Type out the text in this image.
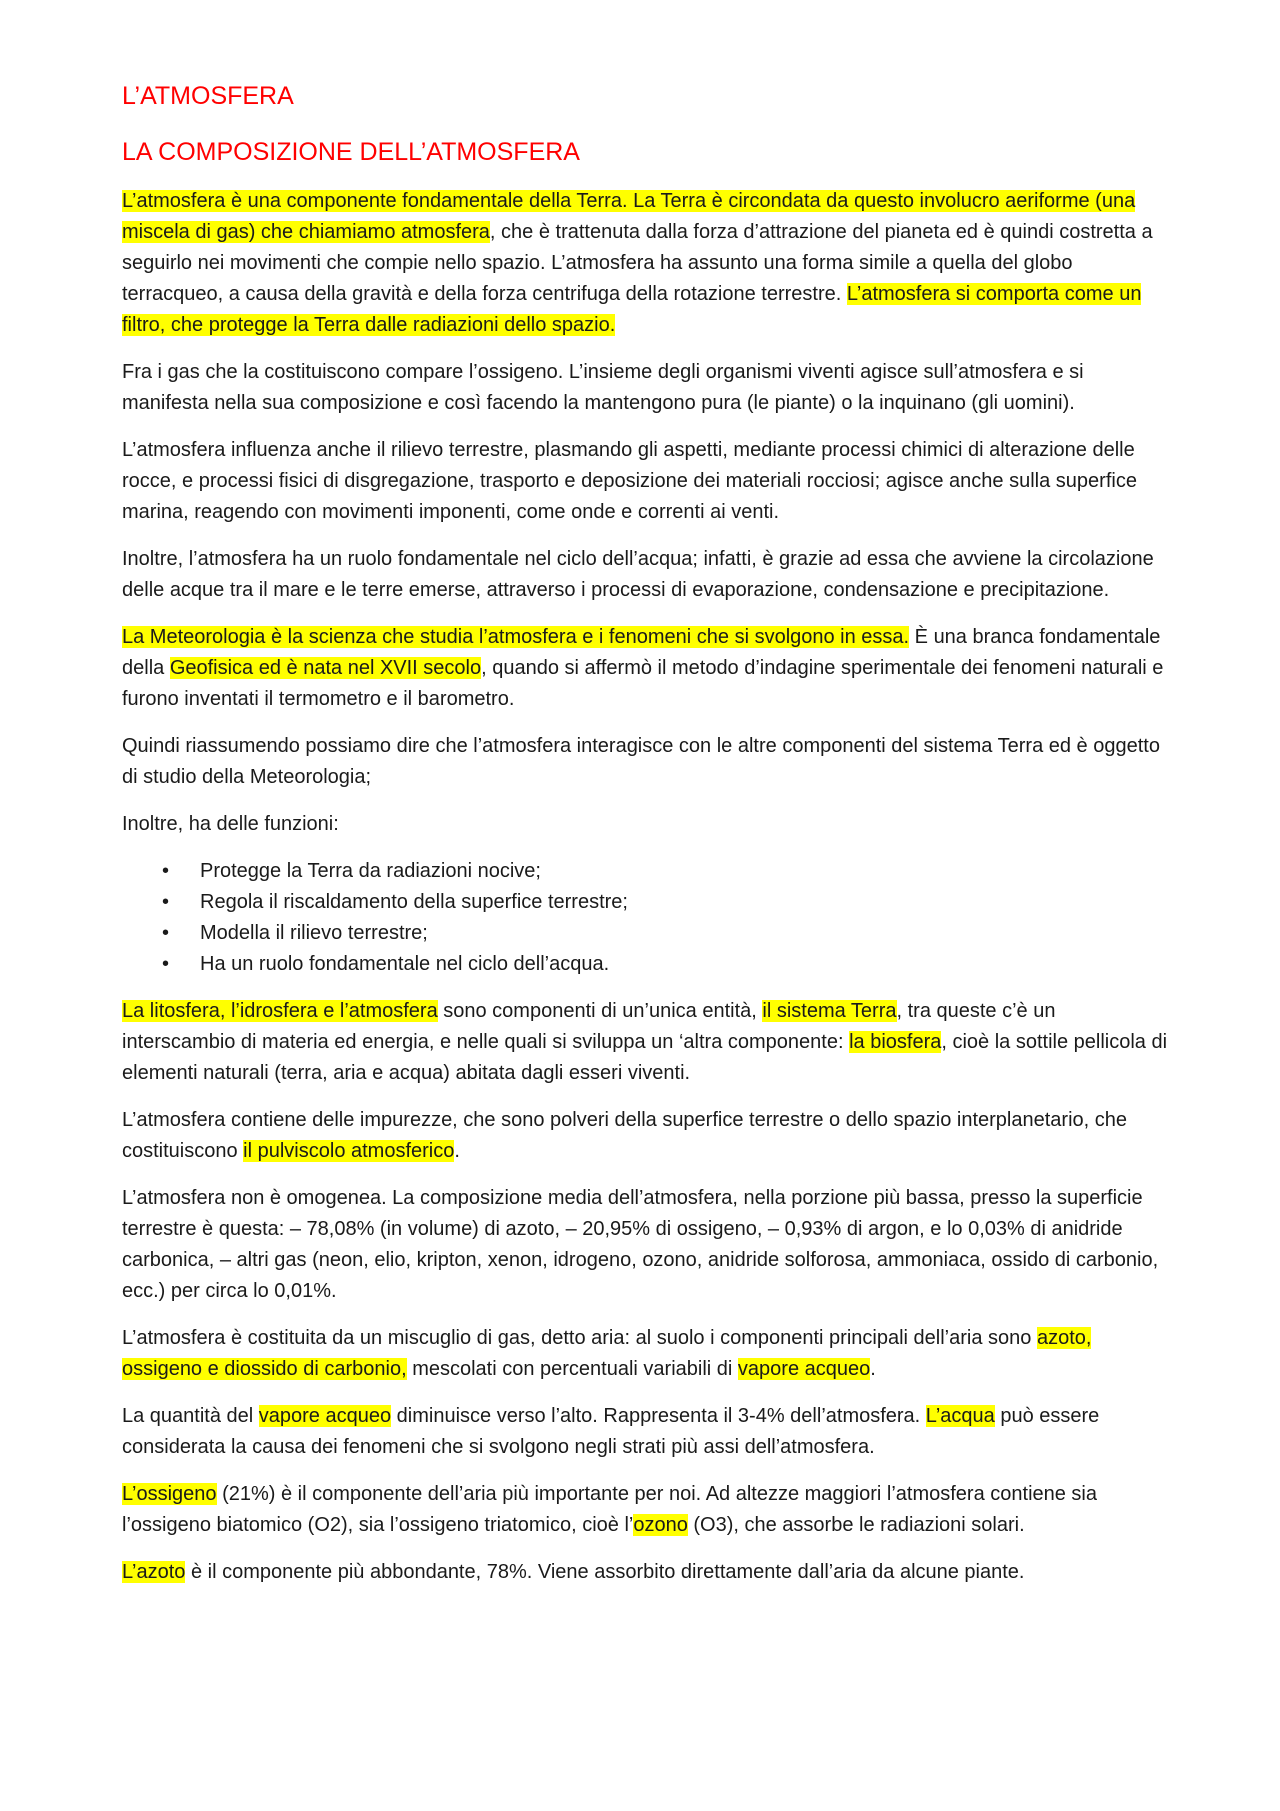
L’ATMOSFERA
LA COMPOSIZIONE DELL’ATMOSFERA

L’atmosfera è una componente fondamentale della Terra. La Terra è circondata da questo involucro aeriforme (una miscela di gas) che chiamiamo atmosfera, che è trattenuta dalla forza d’attrazione del pianeta ed è quindi costretta a seguirlo nei movimenti che compie nello spazio. L’atmosfera ha assunto una forma simile a quella del globo terracqueo, a causa della gravità e della forza centrifuga della rotazione terrestre. L’atmosfera si comporta come un filtro, che protegge la Terra dalle radiazioni dello spazio.

Fra i gas che la costituiscono compare l’ossigeno. L’insieme degli organismi viventi agisce sull’atmosfera e si manifesta nella sua composizione e così facendo la mantengono pura (le piante) o la inquinano (gli uomini).

L’atmosfera influenza anche il rilievo terrestre, plasmando gli aspetti, mediante processi chimici di alterazione delle rocce, e processi fisici di disgregazione, trasporto e deposizione dei materiali rocciosi; agisce anche sulla superfice marina, reagendo con movimenti imponenti, come onde e correnti ai venti.

Inoltre, l’atmosfera ha un ruolo fondamentale nel ciclo dell’acqua; infatti, è grazie ad essa che avviene la circolazione delle acque tra il mare e le terre emerse, attraverso i processi di evaporazione, condensazione e precipitazione.

La Meteorologia è la scienza che studia l’atmosfera e i fenomeni che si svolgono in essa. È una branca fondamentale della Geofisica ed è nata nel XVII secolo, quando si affermò il metodo d’indagine sperimentale dei fenomeni naturali e furono inventati il termometro e il barometro.

Quindi riassumendo possiamo dire che l’atmosfera interagisce con le altre componenti del sistema Terra ed è oggetto di studio della Meteorologia;

Inoltre, ha delle funzioni:

• Protegge la Terra da radiazioni nocive;
• Regola il riscaldamento della superfice terrestre;
• Modella il rilievo terrestre;
• Ha un ruolo fondamentale nel ciclo dell’acqua.

La litosfera, l’idrosfera e l’atmosfera sono componenti di un’unica entità, il sistema Terra, tra queste c’è un interscambio di materia ed energia, e nelle quali si sviluppa un ‘altra componente: la biosfera, cioè la sottile pellicola di elementi naturali (terra, aria e acqua) abitata dagli esseri viventi.

L’atmosfera contiene delle impurezze, che sono polveri della superfice terrestre o dello spazio interplanetario, che costituiscono il pulviscolo atmosferico.

L’atmosfera non è omogenea. La composizione media dell’atmosfera, nella porzione più bassa, presso la superficie terrestre è questa: – 78,08% (in volume) di azoto, – 20,95% di ossigeno, – 0,93% di argon, e lo 0,03% di anidride carbonica, – altri gas (neon, elio, kripton, xenon, idrogeno, ozono, anidride solforosa, ammoniaca, ossido di carbonio, ecc.) per circa lo 0,01%.

L’atmosfera è costituita da un miscuglio di gas, detto aria: al suolo i componenti principali dell’aria sono azoto, ossigeno e diossido di carbonio, mescolati con percentuali variabili di vapore acqueo.

La quantità del vapore acqueo diminuisce verso l’alto. Rappresenta il 3-4% dell’atmosfera. L’acqua può essere considerata la causa dei fenomeni che si svolgono negli strati più assi dell’atmosfera.

L’ossigeno (21%) è il componente dell’aria più importante per noi. Ad altezze maggiori l’atmosfera contiene sia l’ossigeno biatomico (O2), sia l’ossigeno triatomico, cioè l’ozono (O3), che assorbe le radiazioni solari.

L’azoto è il componente più abbondante, 78%. Viene assorbito direttamente dall’aria da alcune piante.
